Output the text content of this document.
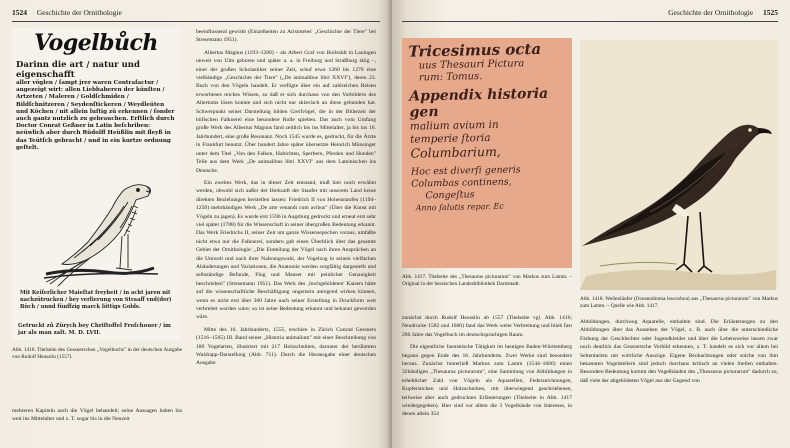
1524 Geschichte der Ornithologie
Vogelbůch
Darinn die art / natur und eigenschafft
aller vöglen / ſampt jrer waren Contrafactur / angezeigt wirt: allen Liebhaberen der künſten / Artzeten / Maleren / Goldſchmiden / Bildſchnitzeren / Seydenſtickeren / Weydleüten und Köchen / nit allein luſtig zü erkennen / ſonder auch gantz nutzlich zu gebrauchen. Erſtlich durch Doctor Conrat Geßner in Latin beſchriben: neüwlich aber durch Rüdolff Heüßlin mit fleyß in das Teütſch gebracht / und in ein kurtze ordnung geſtelt.
Mit Keiſerlicher Maieſtat freyheit / in acht jaren nit nachzütrucken / bey verlierung von Straaff vnd(der) Büch / unnd fünffzig marck löttigs Golds.
Getruckt zů Zürych bey Chriſtoffel Froſchouer / im jar als man zalt. M. D. LVII.
Abb. 1416. Titelseite des Gessnerschen „Vogelbuchs" in der deutschen Ausgabe von Rudolf Heusslin (1557).

beeinflussend gewirkt (Einzelheiten zu Aristoteles' „Geschichte der Tiere" bei Stresemann 1951).

Albertus Magnus (1193–1280) – als Albert Graf von Bollstädt in Lauingen unweit von Ulm geboren und später u. a. in Freiburg und Straßburg tätig –, einer der großen Scholastiker seiner Zeit, schuf etwa 1260 bis 1270 eine vielbändige „Geschichte der Tiere" („De animalibus libri XXVI"), deren 23. Buch von den Vögeln handelt. Er verfügte über ein auf zahlreichen Reisen erworbenes reiches Wissen, so daß er sich durchaus von den Vorbildern des Altertums lösen konnte und sich nicht nur sklavisch an diese gebunden hat. Schwerpunkt seiner Darstellung bilden Greifvögel, die in der Blütezeit der höfischen Falknerei eine besondere Rolle spielten. Das auch vom Umfang große Werk des Albertus Magnus fand zeitlich bis ins Mittelalter, ja bis ins 16. Jahrhundert, eine große Resonanz. Noch 1545 wurde es, gedruckt, für die Ärzte in Frankfurt benutzt. Über hundert Jahre später übersetzte Heinrich Münsinger unter dem Titel „Von den Falken, Habichten, Sperbern, Pferden und Hunden" Teile aus dem Werk „De animalibus libri XXVI" aus dem Lateinischen ins Deutsche.

Ein zweites Werk, das in dieser Zeit entstand, muß hier noch erwähnt werden, obwohl sich außer der Herkunft der Staufer mit unserem Land keine direkten Beziehungen herstellen lassen: Friedrich II von Hohenstaufen (1194–1250) mehrbändiges Werk „De arte venandi cum avibus" (Über die Kunst mit Vögeln zu jagen). Es wurde erst 1596 in Augsburg gedruckt und erneut erst sehr viel später (1788) für die Wissenschaft in seiner übergroßen Bedeutung erkannt. Das Werk Friedrichs II, seiner Zeit um ganze Wissensepochen voraus, umfaßte nicht etwa nur die Falknerei, sondern gab einen Überblick über das gesamte Gebiet der Ornithologie: „Die Einteilung der Vögel nach ihren Ansprüchen an die Umwelt und nach ihrer Nahrungswahl, der Vogelzug in seinen vielfachen Abänderungen und Variationen, die Anatomie werden sorgfältig dargestellt und selbständige Befunde, Flug und Mauser mit peinlicher Genauigkeit beschrieben" (Stresemann 1951). Das Werk des ‚hochgebildeten' Kaisers hätte auf die wissenschaftliche Beschäftigung ungemein anregend wirken können, wenn es nicht erst über 300 Jahre nach seiner Erstellung in Druckform weit verbreitet worden wäre; so ist seine Bedeutung erkannt und bekannt geworden wäre.

Mitte des 16. Jahrhunderts, 1555, erschien in Zürich Conrad Gessners (1516–1565) III. Band seiner „Historia animalium" mit einer Beschreibung von 180 Vogelarten, illustriert mit 217 Holzschnitten, darunter der berühmten Waldrapp-Darstellung (Abb. 711). Durch die Herausgabe einer deutschen Ausgabe

mehreren Kapiteln auch die Vögel behandelt; seine Aussagen haben bis weit ins Mittelalter und z. T. sogar bis in die Neuzeit
Geschichte der Ornithologie 1525
Tricesimus octa
uus Thesauri Pictura
rum: Tomus.
Appendix historia gen
malium avium in
temperie ſtoria
Columbarium,
Hoc est diverſi generis
Columbas continens,
Congeſtus
Anno ſalutis repar. Ec
Abb. 1417. Titelseite des „Thesaurus picturarum" von Markus zum Lamm. – Original in der hessischen Landesbibliothek Darmstadt.
Abb. 1418. Wellenläufer (Oceanodroma leucorhoa) aus „Thesaurus picturarum" von Markus zum Lamm. – Quelle wie Abb. 1417.

zunächst durch Rudolf Heusslin ab 1557 (Titelseite vgl. Abb. 1416; Neudrucke 1582 und 1600) fand das Werk weite Verbreitung und blieb fast 200 Jahre das Vogelbuch im deutschsprachigen Raum.

Die eigentliche faunistische Tätigkeit im heutigen Baden-Württemberg begann gegen Ende des 16. Jahrhunderts. Zwei Werke sind besonders heraus. Zunächst hinterließ Markus zum Lamm (1544–1606) einen 32bändigen „Thesaurus picturarum", eine Sammlung von Abbildungen in erheblicher Zahl von Vögeln als Aquarellen, Federzeichnungen, Kupferstichen und Holzschnitten, mit überwiegend geschriebenen, teilweise aber auch gedruckten Erläuterungen (Titelseite in Abb. 1417 wiedergegeben). Hier sind vor allem die 3 Vogelbände von Interesse, in denen allein 354

Abbildungen, durchweg Aquarelle, enthalten sind. Die Erläuterungen zu den Abbildungen über das Aussehen der Vögel, z. B. auch über die unterschiedliche Färbung der Geschlechter oder Jugendkleider und über die Lebensweise lassen zwar noch deutlich das Gessnersche Vorbild erkennen, z. T. handelt es sich vor allem bei Seltenheiten um wörtliche Auszüge. Eigene Beobachtungen oder solche von ihm bekannten Vogelstellern sind jedoch durchaus kritisch an vielen Stellen enthalten. Besondere Bedeutung kommt den Vogelbänden des „Thesaurus picturarum" dadurch zu, daß viele der abgebildeten Vögel aus der Gegend von
